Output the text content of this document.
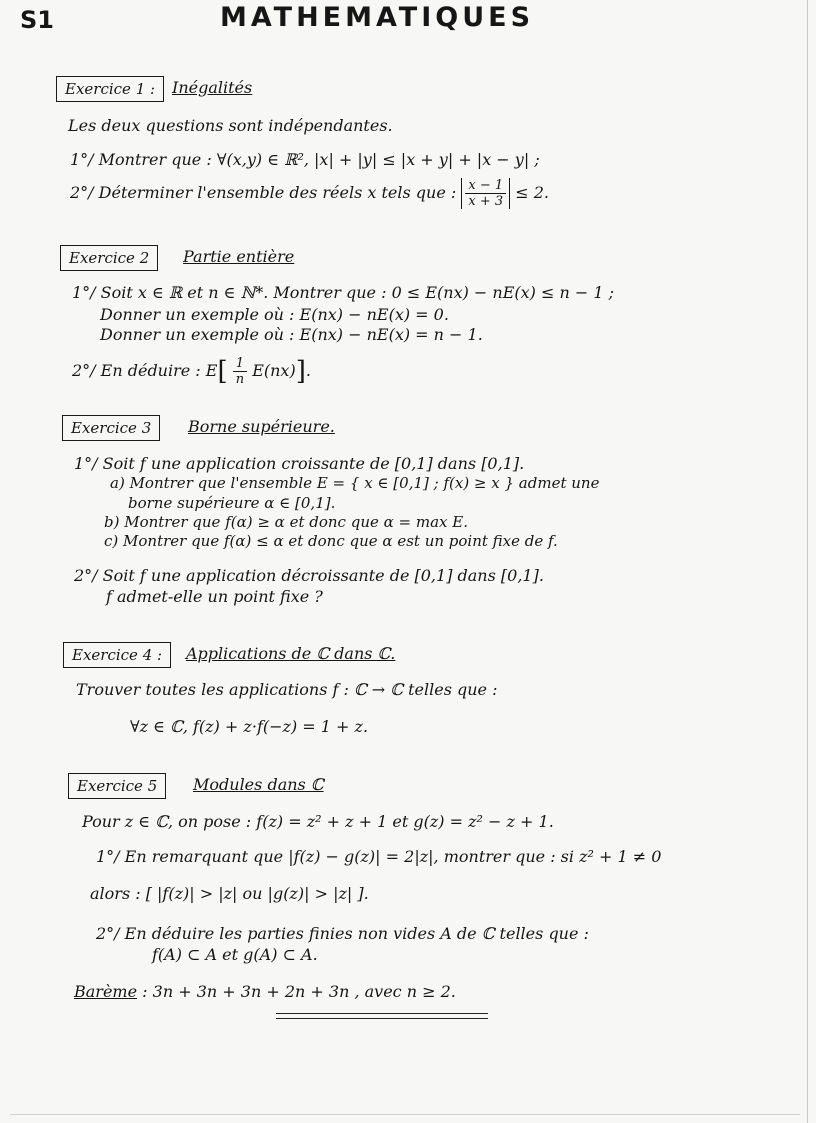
S1	MATHEMATIQUES
Exercice 1 :	Inégalités
Les deux questions sont indépendantes.
1°/ Montrer que : ∀(x,y) ∈ ℝ², |x| + |y| ≤ |x + y| + |x − y| ;
2°/ Déterminer l'ensemble des réels x tels que : $\frac{x - 1}{x + 3} \le 2$.
Exercice 2	Partie entière
1°/ Soit x ∈ ℝ et n ∈ ℕ*. Montrer que : 0 ≤ E(nx) − nE(x) ≤ n − 1 ;
Donner un exemple où : E(nx) − nE(x) = 0.
Donner un exemple où : E(nx) − nE(x) = n − 1.
2°/ En déduire : $E[ \frac{1}{n} E(nx)]$.
Exercice 3	Borne supérieure.
1°/ Soit f une application croissante de [0,1] dans [0,1].
a) Montrer que l'ensemble E = { x ∈ [0,1] ; f(x) ≥ x } admet une
borne supérieure α ∈ [0,1].
b) Montrer que f(α) ≥ α et donc que α = max E.
c) Montrer que f(α) ≤ α et donc que α est un point fixe de f.
2°/ Soit f une application décroissante de [0,1] dans [0,1].
f admet-elle un point fixe ?
Exercice 4 :	Applications de ℂ dans ℂ.
Trouver toutes les applications f : ℂ → ℂ telles que :
∀z ∈ ℂ, f(z) + z·f(−z) = 1 + z.
Exercice 5	Modules dans ℂ
Pour z ∈ ℂ, on pose : f(z) = z² + z + 1 et g(z) = z² − z + 1.
1°/ En remarquant que |f(z) − g(z)| = 2|z|, montrer que : si z² + 1 ≠ 0
alors : [ |f(z)| > |z| ou |g(z)| > |z| ].
2°/ En déduire les parties finies non vides A de ℂ telles que :
f(A) ⊂ A et g(A) ⊂ A.
Barème : 3n + 3n + 3n + 2n + 3n , avec n ≥ 2.
